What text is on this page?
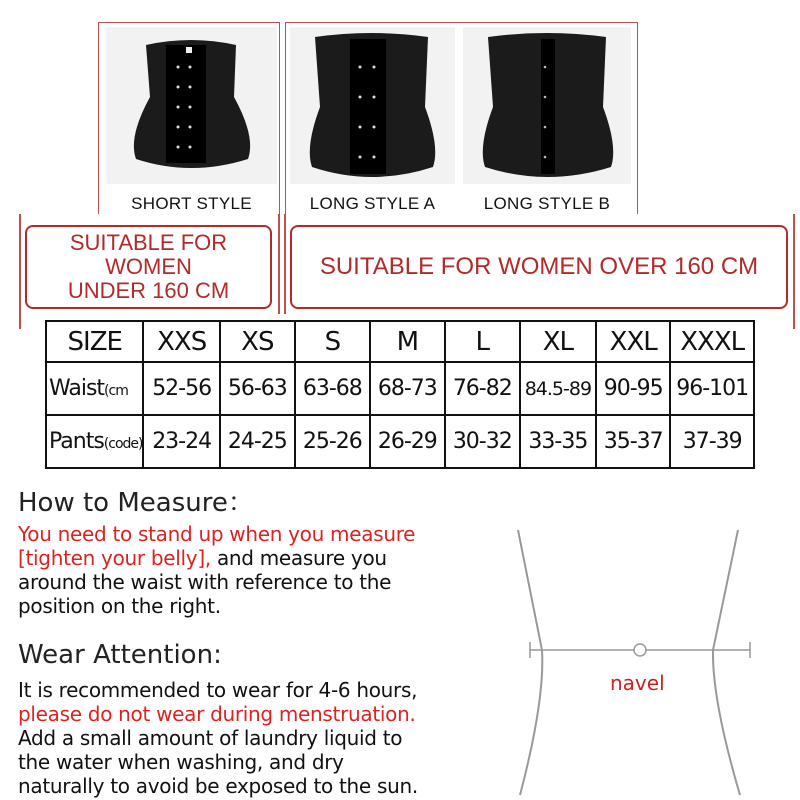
SHORT STYLE	LONG STYLE A	LONG STYLE B
SUITABLE FOR
WOMEN
UNDER 160 CM
SUITABLE FOR WOMEN OVER 160 CM
SIZE	XXS	XS	S	M	L	XL	XXL	XXXL
Waist(cm	52-56	56-63	63-68	68-73	76-82	84.5-89	90-95	96-101
Pants(code)	23-24	24-25	25-26	26-29	30-32	33-35	35-37	37-39
How to Measure：
You need to stand up when you measure [tighten your belly], and measure you
around the waist with reference to the
position on the right.
Wear Attention:
It is recommended to wear for 4-6 hours,
please do not wear during menstruation.
Add a small amount of laundry liquid to
the water when washing, and dry
naturally to avoid be exposed to the sun.
navel
